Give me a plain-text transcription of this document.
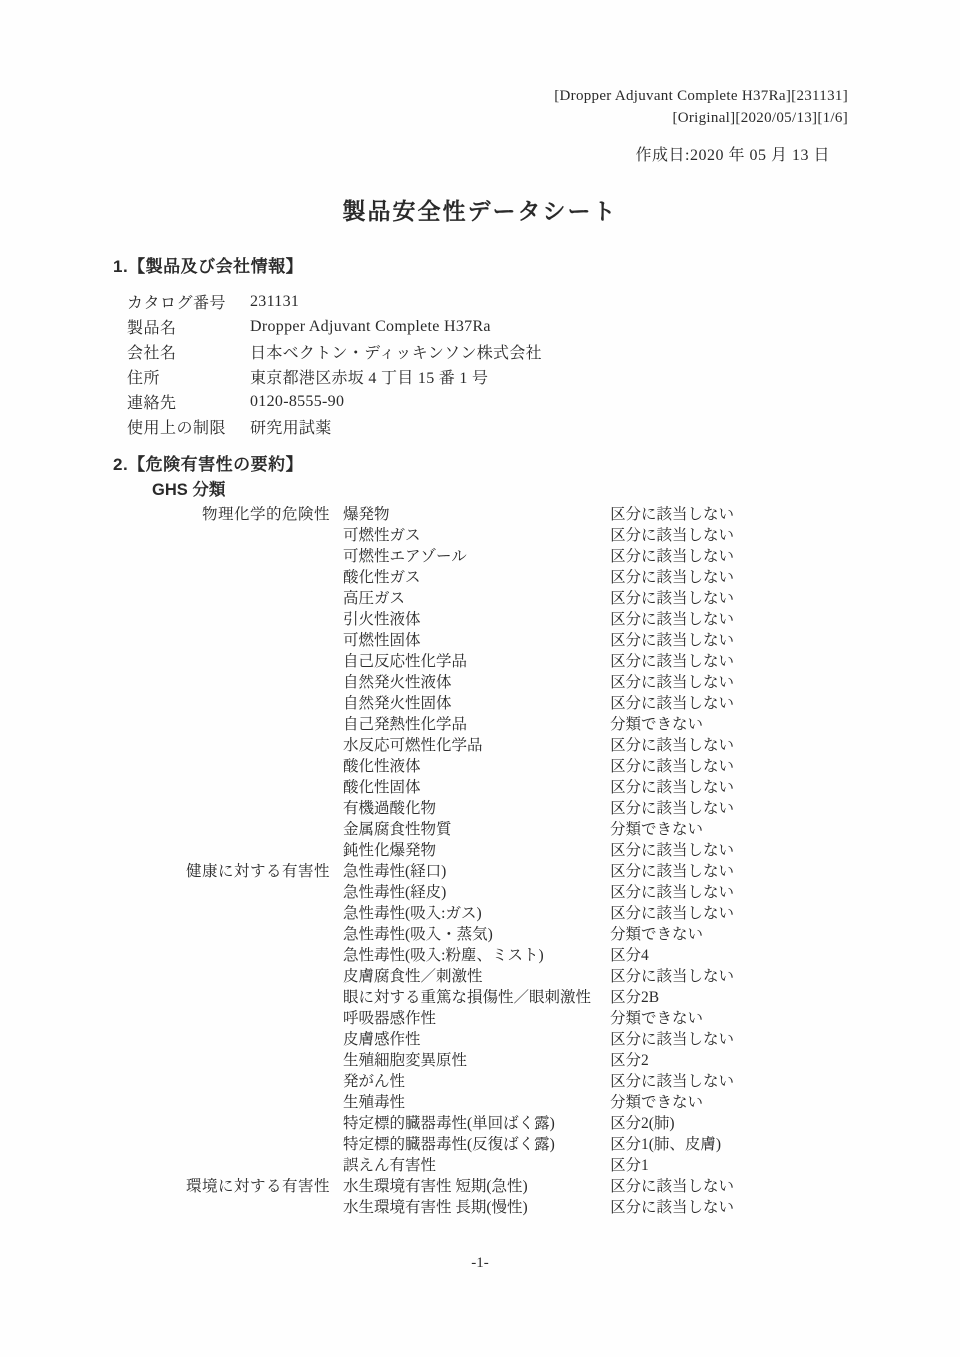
[Dropper Adjuvant Complete H37Ra][231131]
[Original][2020/05/13][1/6]
作成日:2020 年 05 月 13 日
製品安全性データシート
1.【製品及び会社情報】
カタログ番号	231131
製品名	Dropper Adjuvant Complete H37Ra
会社名	日本ベクトン・ディッキンソン株式会社
住所	東京都港区赤坂 4 丁目 15 番 1 号
連絡先	0120-8555-90
使用上の制限	研究用試薬
2.【危険有害性の要約】
GHS 分類
物理化学的危険性 爆発物	区分に該当しない
可燃性ガス	区分に該当しない
可燃性エアゾール	区分に該当しない
酸化性ガス	区分に該当しない
高圧ガス	区分に該当しない
引火性液体	区分に該当しない
可燃性固体	区分に該当しない
自己反応性化学品	区分に該当しない
自然発火性液体	区分に該当しない
自然発火性固体	区分に該当しない
自己発熱性化学品	分類できない
水反応可燃性化学品	区分に該当しない
酸化性液体	区分に該当しない
酸化性固体	区分に該当しない
有機過酸化物	区分に該当しない
金属腐食性物質	分類できない
鈍性化爆発物	区分に該当しない
健康に対する有害性 急性毒性(経口)	区分に該当しない
急性毒性(経皮)	区分に該当しない
急性毒性(吸入:ガス)	区分に該当しない
急性毒性(吸入・蒸気)	分類できない
急性毒性(吸入:粉塵、ミスト)	区分4
皮膚腐食性／刺激性	区分に該当しない
眼に対する重篤な損傷性／眼刺激性	区分2B
呼吸器感作性	分類できない
皮膚感作性	区分に該当しない
生殖細胞変異原性	区分2
発がん性	区分に該当しない
生殖毒性	分類できない
特定標的臓器毒性(単回ばく露)	区分2(肺)
特定標的臓器毒性(反復ばく露)	区分1(肺、皮膚)
誤えん有害性	区分1
環境に対する有害性 水生環境有害性 短期(急性)	区分に該当しない
水生環境有害性 長期(慢性)	区分に該当しない
-1-
